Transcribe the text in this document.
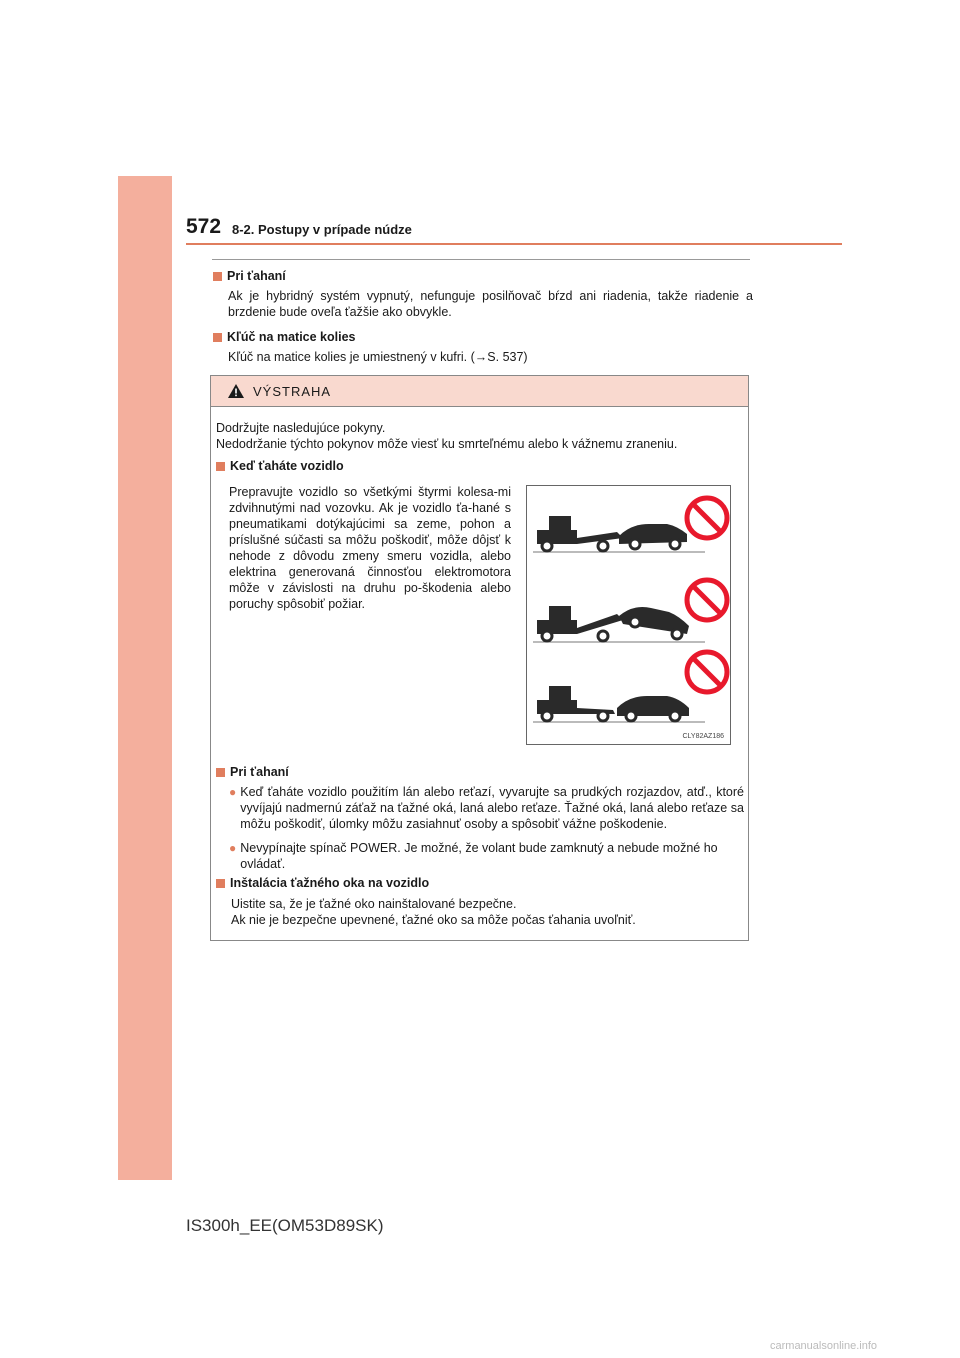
572 8-2. Postupy v prípade núdze
Pri ťahaní
Ak je hybridný systém vypnutý, nefunguje posilňovač bŕzd ani riadenia, takže riadenie a brzdenie bude oveľa ťažšie ako obvykle.
Kľúč na matice kolies
Kľúč na matice kolies je umiestnený v kufri. (→S. 537)
VÝSTRAHA
Dodržujte nasledujúce pokyny.
Nedodržanie týchto pokynov môže viesť ku smrteľnému alebo k vážnemu zraneniu.
Keď ťaháte vozidlo
Prepravujte vozidlo so všetkými štyrmi kolesa-mi zdvihnutými nad vozovku. Ak je vozidlo ťa-hané s pneumatikami dotýkajúcimi sa zeme, pohon a príslušné súčasti sa môžu poškodiť, môže dôjsť k nehode z dôvodu zmeny smeru vozidla, alebo elektrina generovaná činnosťou elektromotora môže v závislosti na druhu po-škodenia alebo poruchy spôsobiť požiar.
CLY82AZ186
Pri ťahaní
● Keď ťaháte vozidlo použitím lán alebo reťazí, vyvarujte sa prudkých rozjazdov, atď., ktoré vyvíjajú nadmernú záťaž na ťažné oká, laná alebo reťaze. Ťažné oká, laná alebo reťaze sa môžu poškodiť, úlomky môžu zasiahnuť osoby a spôsobiť vážne poškodenie.
● Nevypínajte spínač POWER. Je možné, že volant bude zamknutý a nebude možné ho ovládať.
Inštalácia ťažného oka na vozidlo
Uistite sa, že je ťažné oko nainštalované bezpečne.
Ak nie je bezpečne upevnené, ťažné oko sa môže počas ťahania uvoľniť.
IS300h_EE(OM53D89SK)
carmanualsonline.info
